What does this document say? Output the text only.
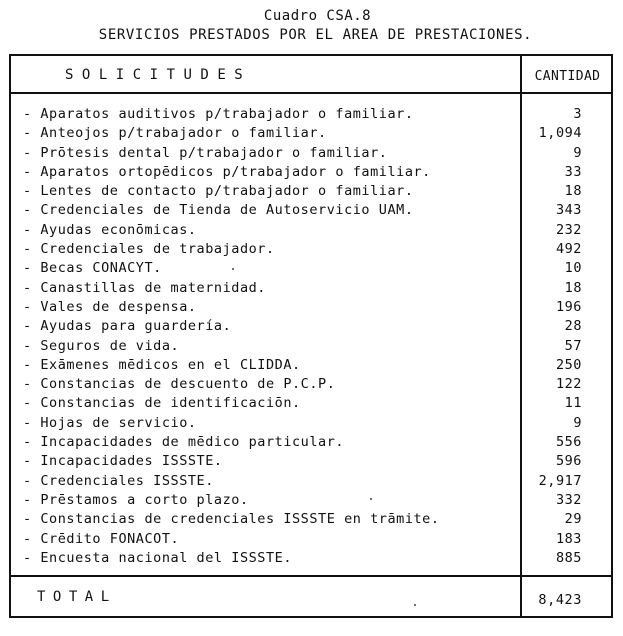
Cuadro CSA.8
SERVICIOS PRESTADOS POR EL AREA DE PRESTACIONES.
SOLICITUDES	CANTIDAD
- Aparatos auditivos p/trabajador o familiar.	3
- Anteojos p/trabajador o familiar.	1,094
- Prōtesis dental p/trabajador o familiar.	9
- Aparatos ortopēdicos p/trabajador o familiar.	33
- Lentes de contacto p/trabajador o familiar.	18
- Credenciales de Tienda de Autoservicio UAM.	343
- Ayudas econōmicas.	232
- Credenciales de trabajador.	492
- Becas CONACYT.	10
- Canastillas de maternidad.	18
- Vales de despensa.	196
- Ayudas para guardería.	28
- Seguros de vida.	57
- Exāmenes mēdicos en el CLIDDA.	250
- Constancias de descuento de P.C.P.	122
- Constancias de identificaciōn.	11
- Hojas de servicio.	9
- Incapacidades de mēdico particular.	556
- Incapacidades ISSSTE.	596
- Credenciales ISSSTE.	2,917
- Prēstamos a corto plazo.	332
- Constancias de credenciales ISSSTE en trāmite.	29
- Crēdito FONACOT.	183
- Encuesta nacional del ISSSTE.	885
TOTAL	8,423
